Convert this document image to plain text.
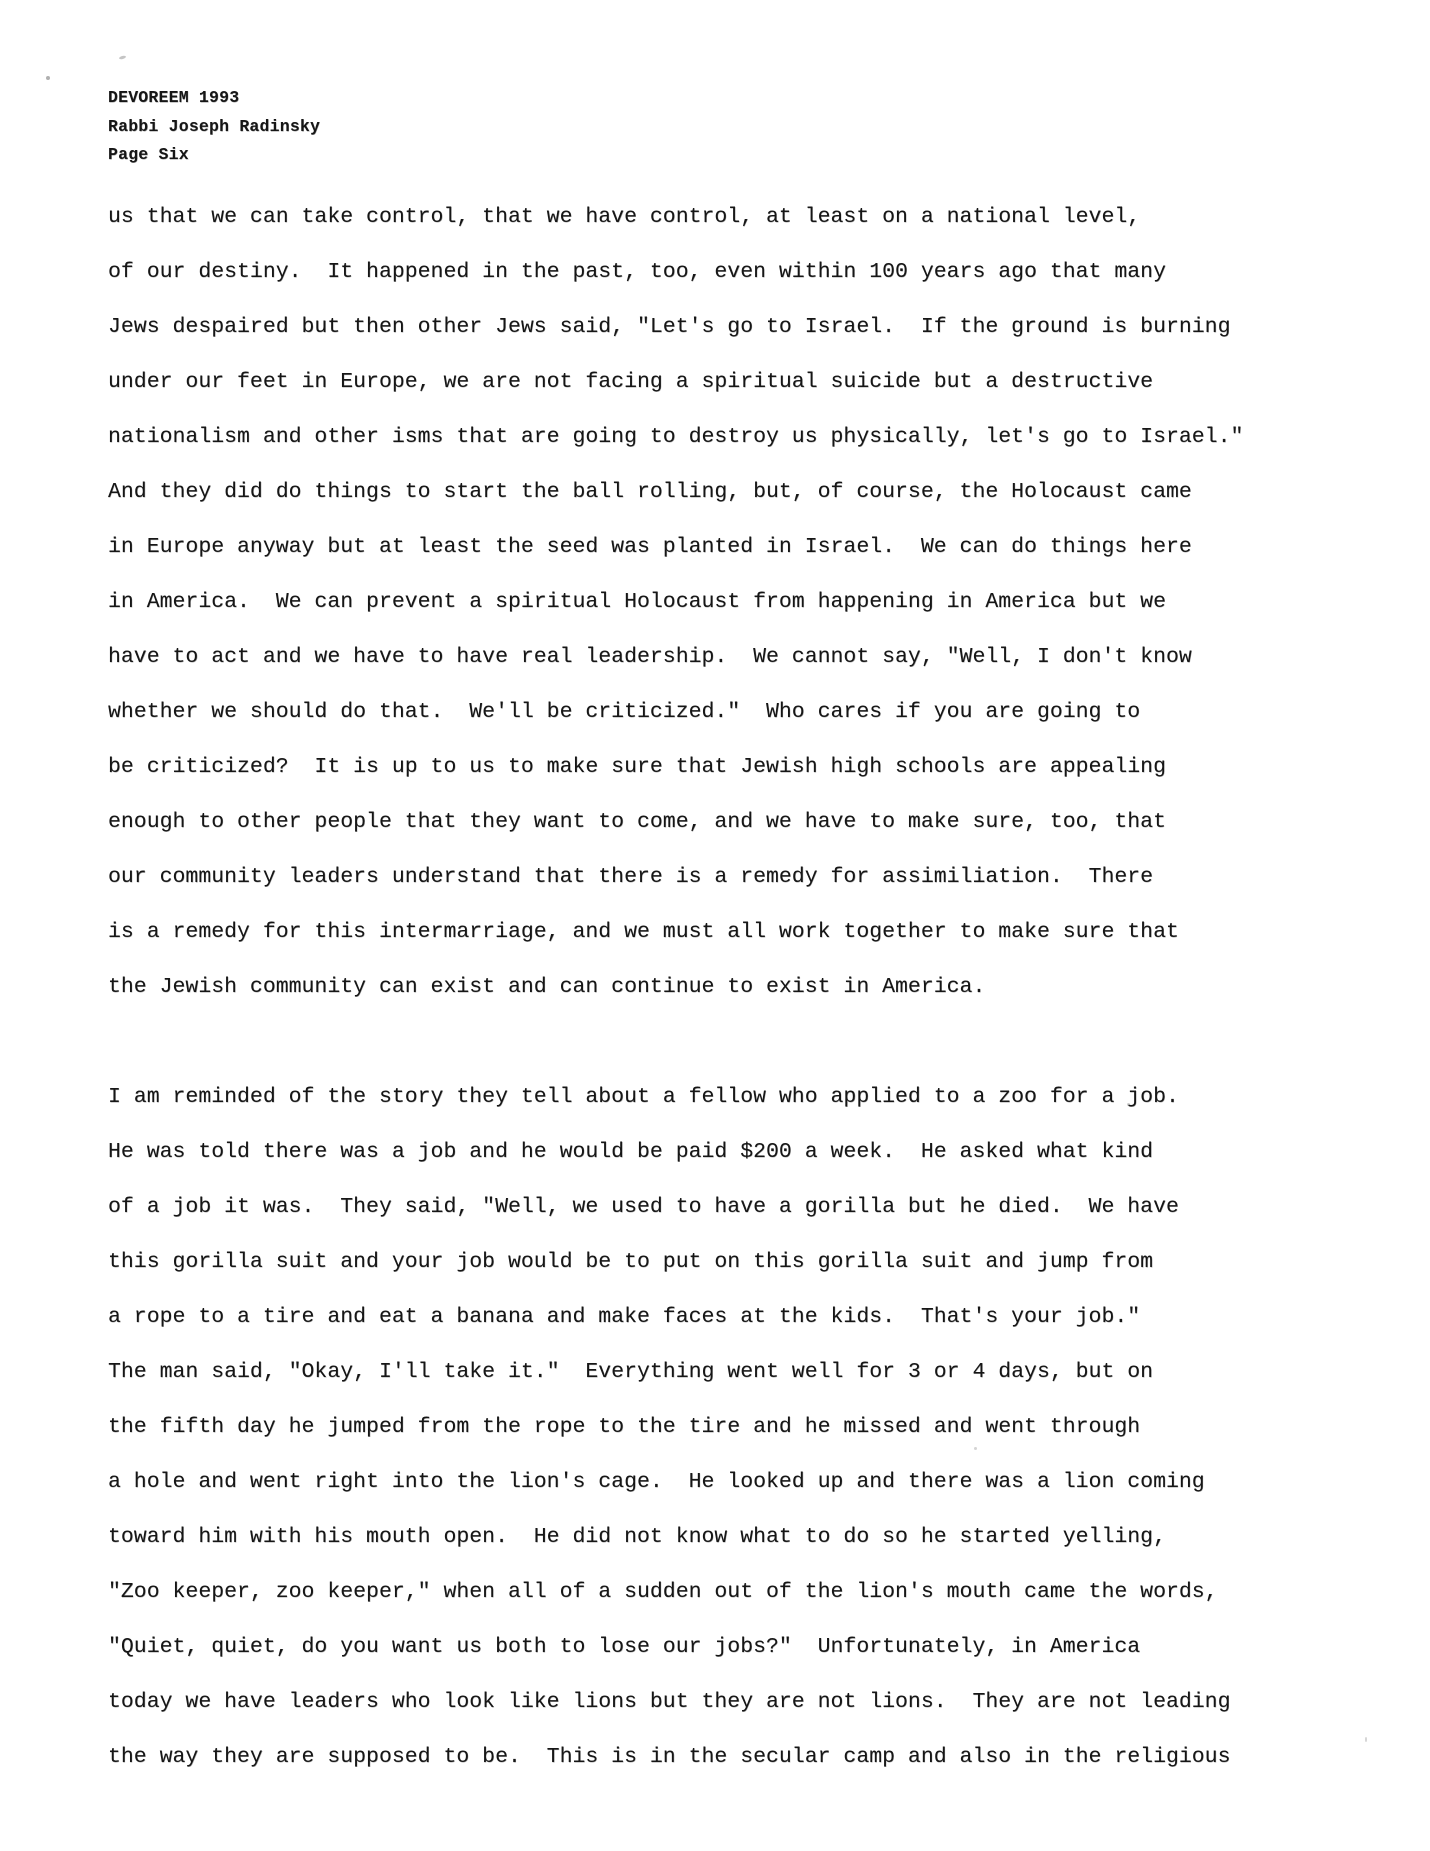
DEVOREEM 1993
Rabbi Joseph Radinsky
Page Six
us that we can take control, that we have control, at least on a national level,
of our destiny.  It happened in the past, too, even within 100 years ago that many
Jews despaired but then other Jews said, "Let's go to Israel.  If the ground is burning
under our feet in Europe, we are not facing a spiritual suicide but a destructive
nationalism and other isms that are going to destroy us physically, let's go to Israel."
And they did do things to start the ball rolling, but, of course, the Holocaust came
in Europe anyway but at least the seed was planted in Israel.  We can do things here
in America.  We can prevent a spiritual Holocaust from happening in America but we
have to act and we have to have real leadership.  We cannot say, "Well, I don't know
whether we should do that.  We'll be criticized."  Who cares if you are going to
be criticized?  It is up to us to make sure that Jewish high schools are appealing
enough to other people that they want to come, and we have to make sure, too, that
our community leaders understand that there is a remedy for assimiliation.  There
is a remedy for this intermarriage, and we must all work together to make sure that
the Jewish community can exist and can continue to exist in America.
I am reminded of the story they tell about a fellow who applied to a zoo for a job.
He was told there was a job and he would be paid $200 a week.  He asked what kind
of a job it was.  They said, "Well, we used to have a gorilla but he died.  We have
this gorilla suit and your job would be to put on this gorilla suit and jump from
a rope to a tire and eat a banana and make faces at the kids.  That's your job."
The man said, "Okay, I'll take it."  Everything went well for 3 or 4 days, but on
the fifth day he jumped from the rope to the tire and he missed and went through
a hole and went right into the lion's cage.  He looked up and there was a lion coming
toward him with his mouth open.  He did not know what to do so he started yelling,
"Zoo keeper, zoo keeper," when all of a sudden out of the lion's mouth came the words,
"Quiet, quiet, do you want us both to lose our jobs?"  Unfortunately, in America
today we have leaders who look like lions but they are not lions.  They are not leading
the way they are supposed to be.  This is in the secular camp and also in the religious
